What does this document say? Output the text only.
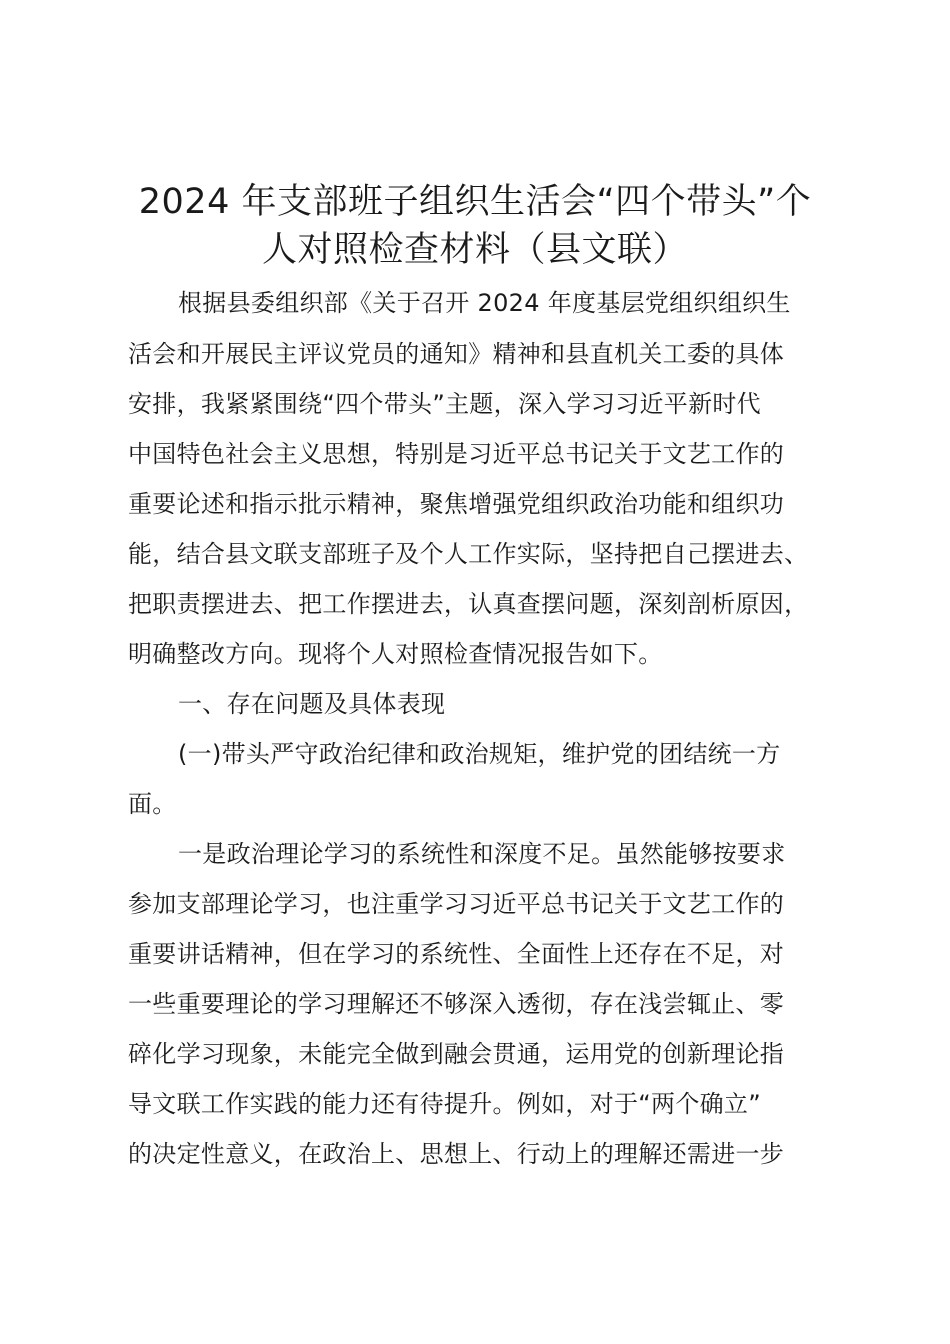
2024 年支部班子组织生活会“四个带头”个
人对照检查材料（县文联）
根据县委组织部《关于召开 2024 年度基层党组织组织生
活会和开展民主评议党员的通知》精神和县直机关工委的具体
安排，我紧紧围绕“四个带头”主题，深入学习习近平新时代
中国特色社会主义思想，特别是习近平总书记关于文艺工作的
重要论述和指示批示精神，聚焦增强党组织政治功能和组织功
能，结合县文联支部班子及个人工作实际，坚持把自己摆进去、
把职责摆进去、把工作摆进去，认真查摆问题，深刻剖析原因，
明确整改方向。现将个人对照检查情况报告如下。
一、存在问题及具体表现
(一)带头严守政治纪律和政治规矩，维护党的团结统一方
面。
一是政治理论学习的系统性和深度不足。虽然能够按要求
参加支部理论学习，也注重学习习近平总书记关于文艺工作的
重要讲话精神，但在学习的系统性、全面性上还存在不足，对
一些重要理论的学习理解还不够深入透彻，存在浅尝辄止、零
碎化学习现象，未能完全做到融会贯通，运用党的创新理论指
导文联工作实践的能力还有待提升。例如，对于“两个确立”
的决定性意义，在政治上、思想上、行动上的理解还需进一步
